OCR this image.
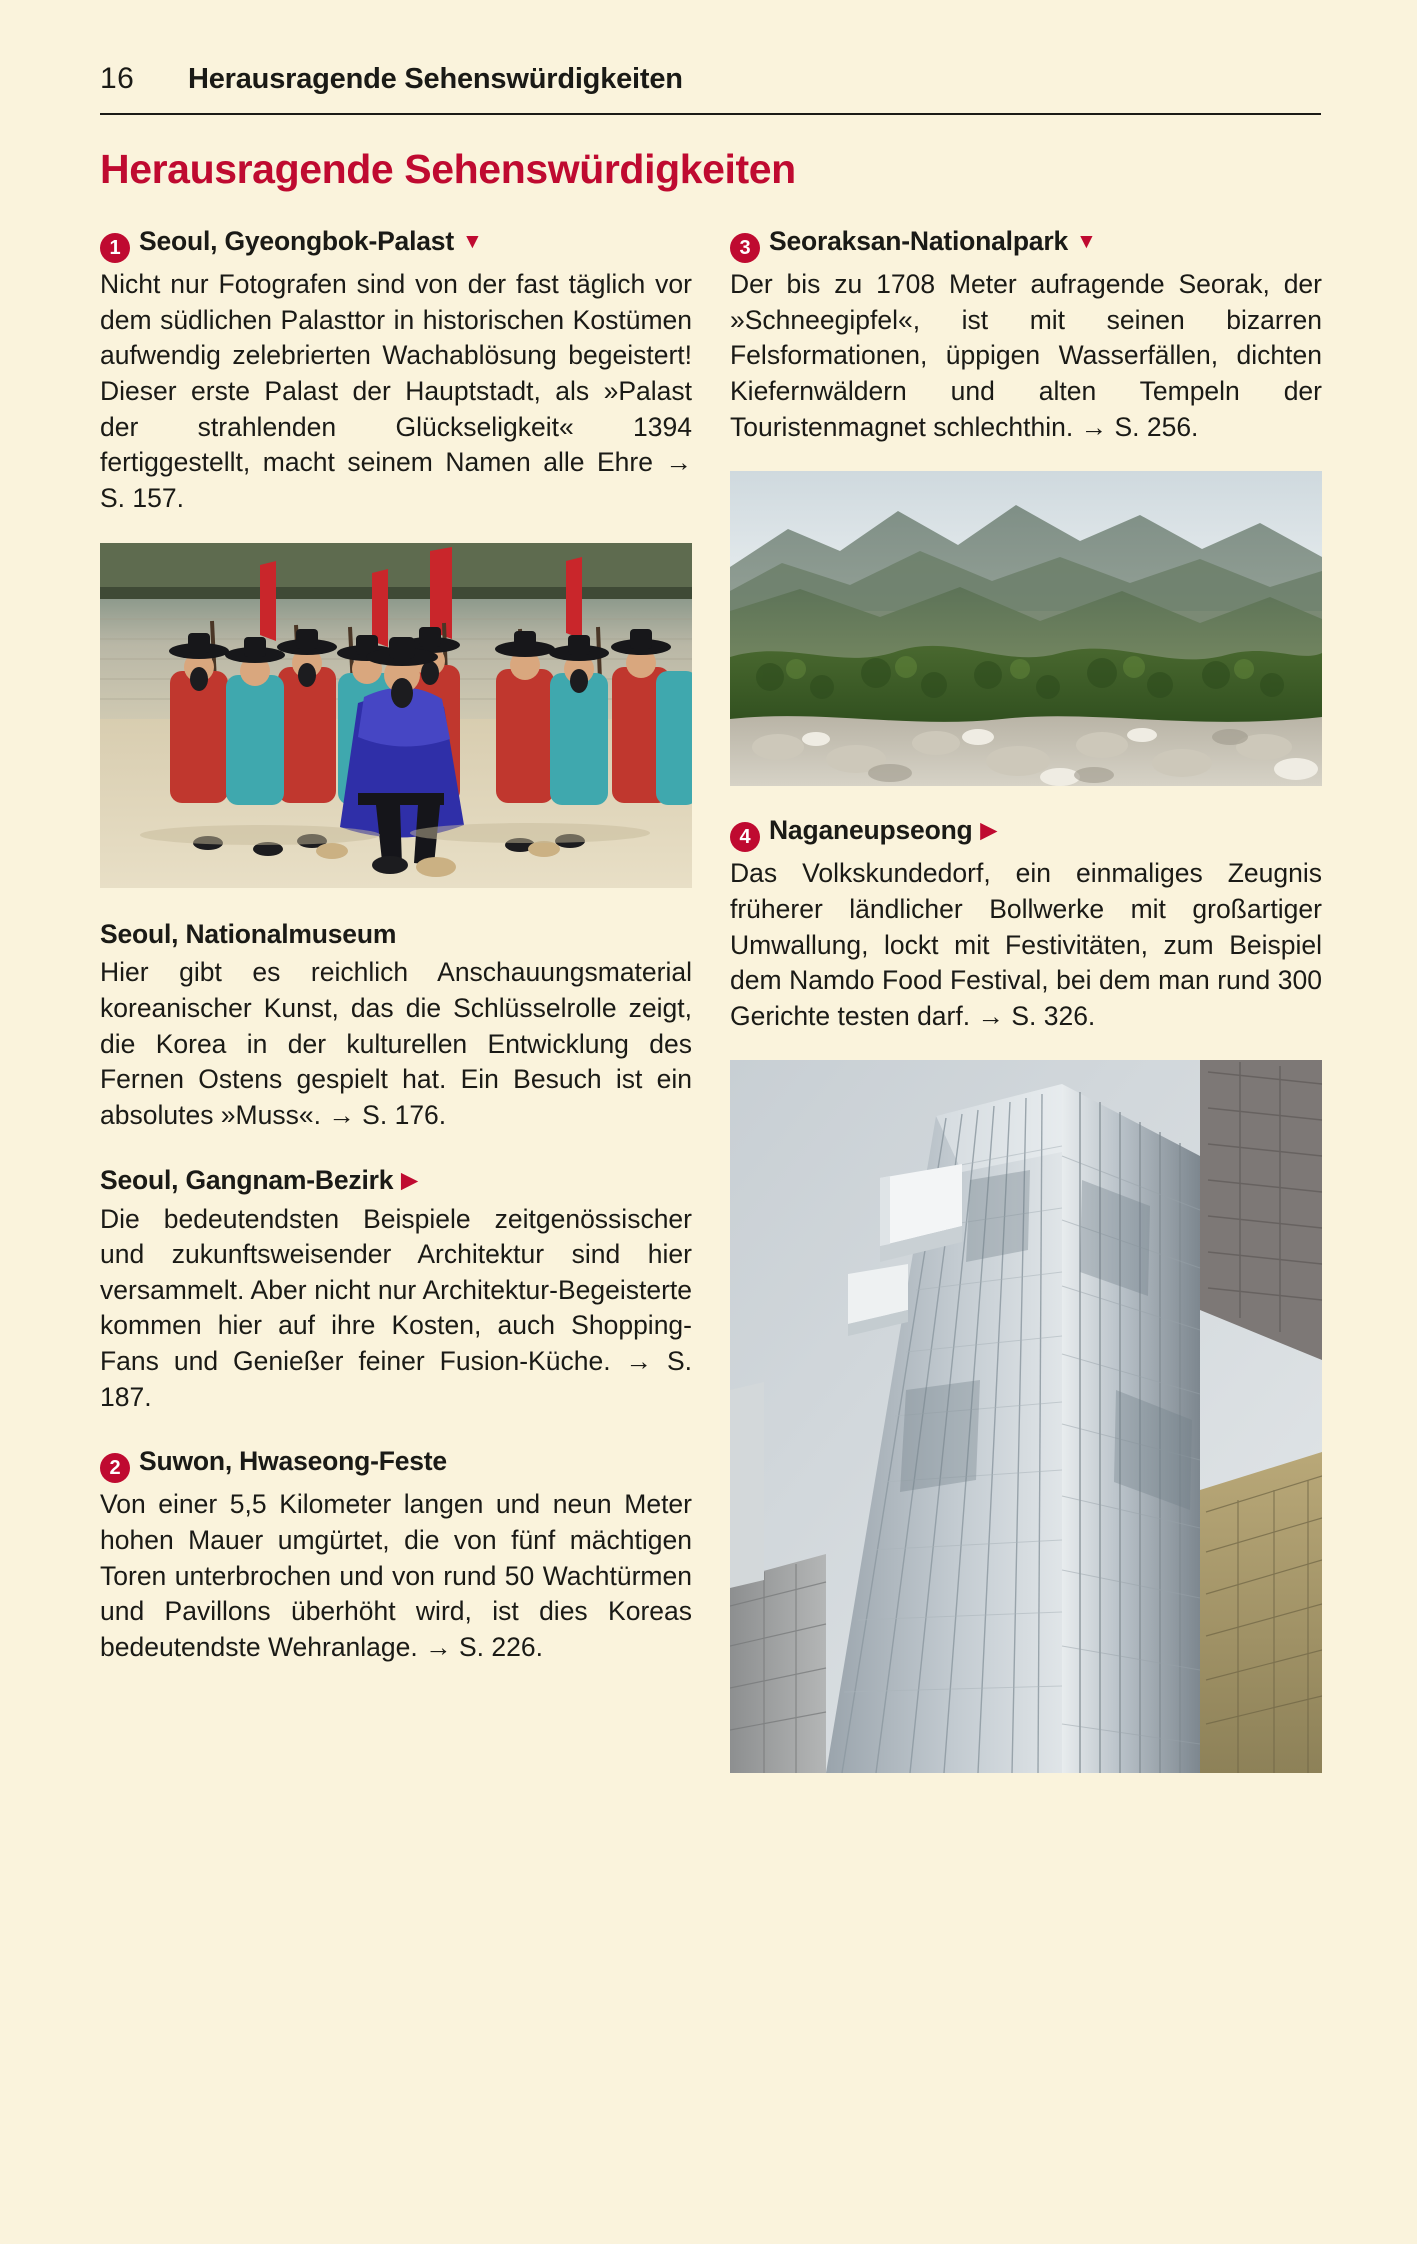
16	Herausragende Sehenswürdigkeiten
Herausragende Sehenswürdigkeiten
1 Seoul, Gyeongbok-Palast▼

Nicht nur Fotografen sind von der fast täglich vor dem südlichen Palasttor in historischen Kostümen aufwendig zelebrierten Wachablösung begeistert! Dieser erste Palast der Hauptstadt, als »Palast der strahlenden Glückseligkeit« 1394 fertiggestellt, macht seinem Namen alle Ehre → S. 157.

Seoul, Nationalmuseum

Hier gibt es reichlich Anschauungsmaterial koreanischer Kunst, das die Schlüsselrolle zeigt, die Korea in der kulturellen Entwicklung des Fernen Ostens gespielt hat. Ein Besuch ist ein absolutes »Muss«. → S. 176.

Seoul, Gangnam-Bezirk▶

Die bedeutendsten Beispiele zeitgenössischer und zukunftsweisender Architektur sind hier versammelt. Aber nicht nur Architektur-Begeisterte kommen hier auf ihre Kosten, auch Shopping-Fans und Genießer feiner Fusion-Küche. → S. 187.

2 Suwon, Hwaseong-Feste

Von einer 5,5 Kilometer langen und neun Meter hohen Mauer umgürtet, die von fünf mächtigen Toren unterbrochen und von rund 50 Wachtürmen und Pavillons überhöht wird, ist dies Koreas bedeutendste Wehranlage. → S. 226.

3 Seoraksan-Nationalpark▼

Der bis zu 1708 Meter aufragende Seorak, der »Schneegipfel«, ist mit seinen bizarren Felsformationen, üppigen Wasserfällen, dichten Kiefernwäldern und alten Tempeln der Touristenmagnet schlechthin. → S. 256.

4 Naganeupseong▶

Das Volkskundedorf, ein einmaliges Zeugnis früherer ländlicher Bollwerke mit großartiger Umwallung, lockt mit Festivitäten, zum Beispiel dem Namdo Food Festival, bei dem man rund 300 Gerichte testen darf. → S. 326.
